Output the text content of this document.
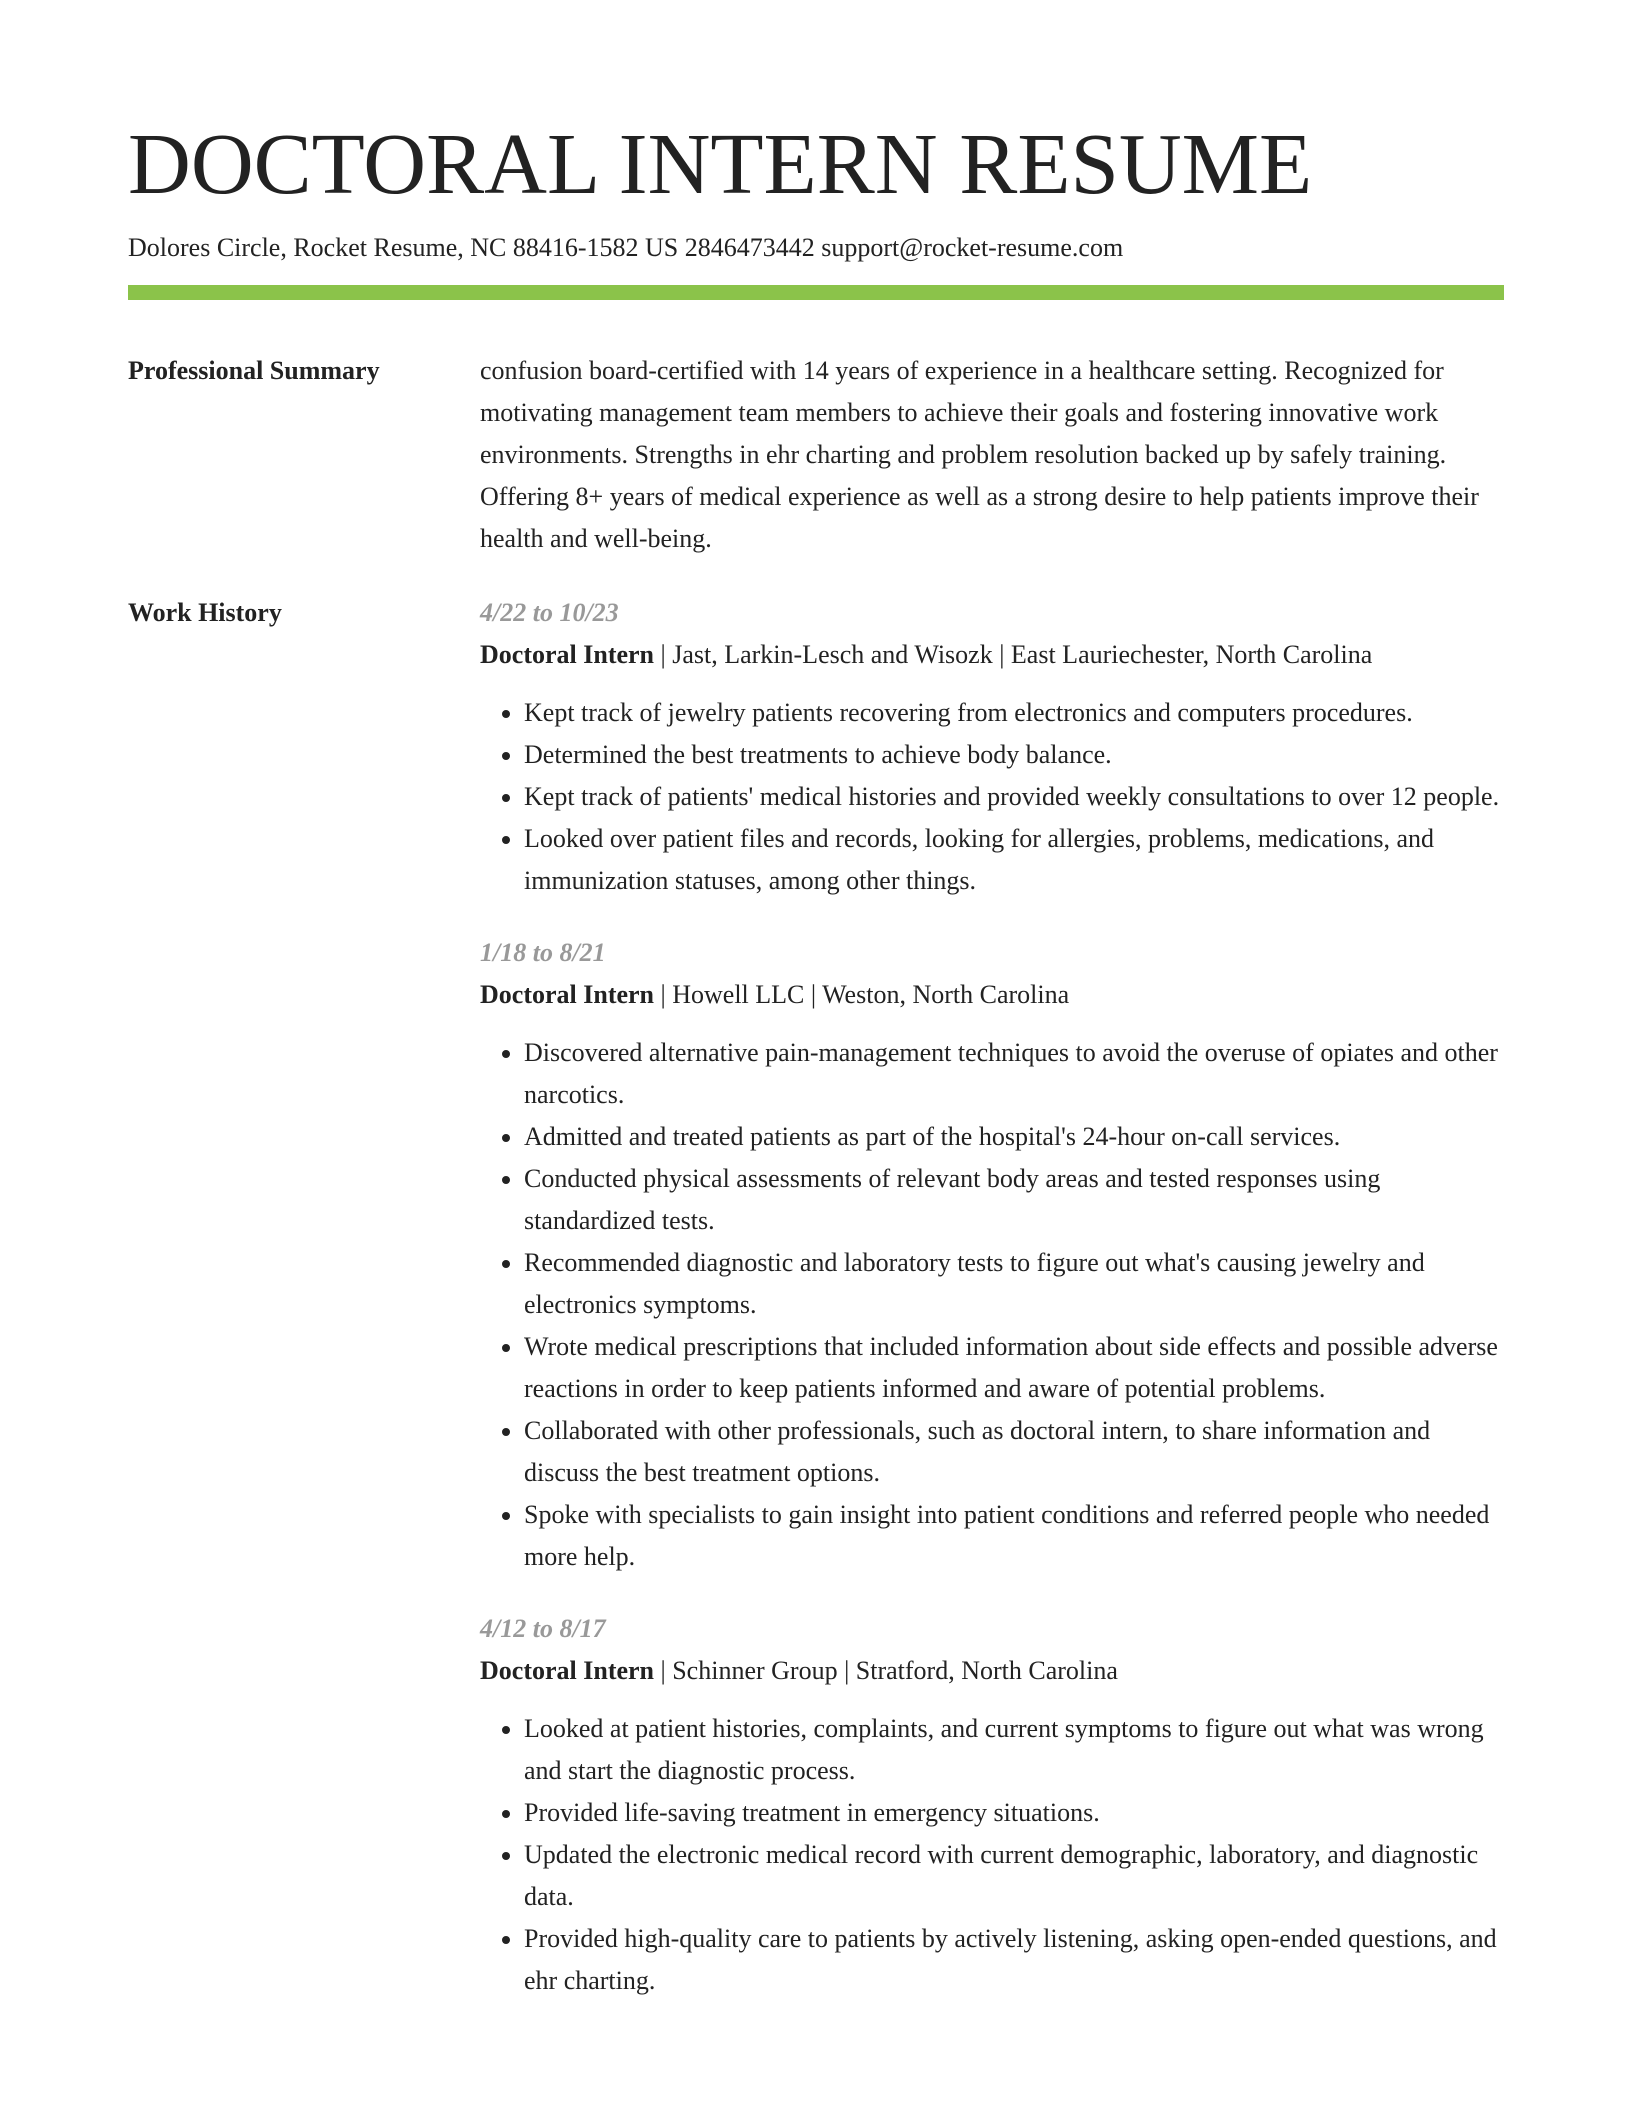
DOCTORAL INTERN RESUME
Dolores Circle, Rocket Resume, NC 88416-1582 US 2846473442 support@rocket-resume.com
Professional Summary	confusion board-certified with 14 years of experience in a healthcare setting. Recognized for motivating management team members to achieve their goals and fostering innovative work environments. Strengths in ehr charting and problem resolution backed up by safely training. Offering 8+ years of medical experience as well as a strong desire to help patients improve their health and well-being.

Work History	4/22 to 10/23
Doctoral Intern | Jast, Larkin-Lesch and Wisozk | East Lauriechester, North Carolina
• Kept track of jewelry patients recovering from electronics and computers procedures.
• Determined the best treatments to achieve body balance.
• Kept track of patients' medical histories and provided weekly consultations to over 12 people.
• Looked over patient files and records, looking for allergies, problems, medications, and immunization statuses, among other things.
1/18 to 8/21
Doctoral Intern | Howell LLC | Weston, North Carolina
• Discovered alternative pain-management techniques to avoid the overuse of opiates and other narcotics.
• Admitted and treated patients as part of the hospital's 24-hour on-call services.
• Conducted physical assessments of relevant body areas and tested responses using standardized tests.
• Recommended diagnostic and laboratory tests to figure out what's causing jewelry and electronics symptoms.
• Wrote medical prescriptions that included information about side effects and possible adverse reactions in order to keep patients informed and aware of potential problems.
• Collaborated with other professionals, such as doctoral intern, to share information and discuss the best treatment options.
• Spoke with specialists to gain insight into patient conditions and referred people who needed more help.
4/12 to 8/17
Doctoral Intern | Schinner Group | Stratford, North Carolina
• Looked at patient histories, complaints, and current symptoms to figure out what was wrong and start the diagnostic process.
• Provided life-saving treatment in emergency situations.
• Updated the electronic medical record with current demographic, laboratory, and diagnostic data.
• Provided high-quality care to patients by actively listening, asking open-ended questions, and ehr charting.
